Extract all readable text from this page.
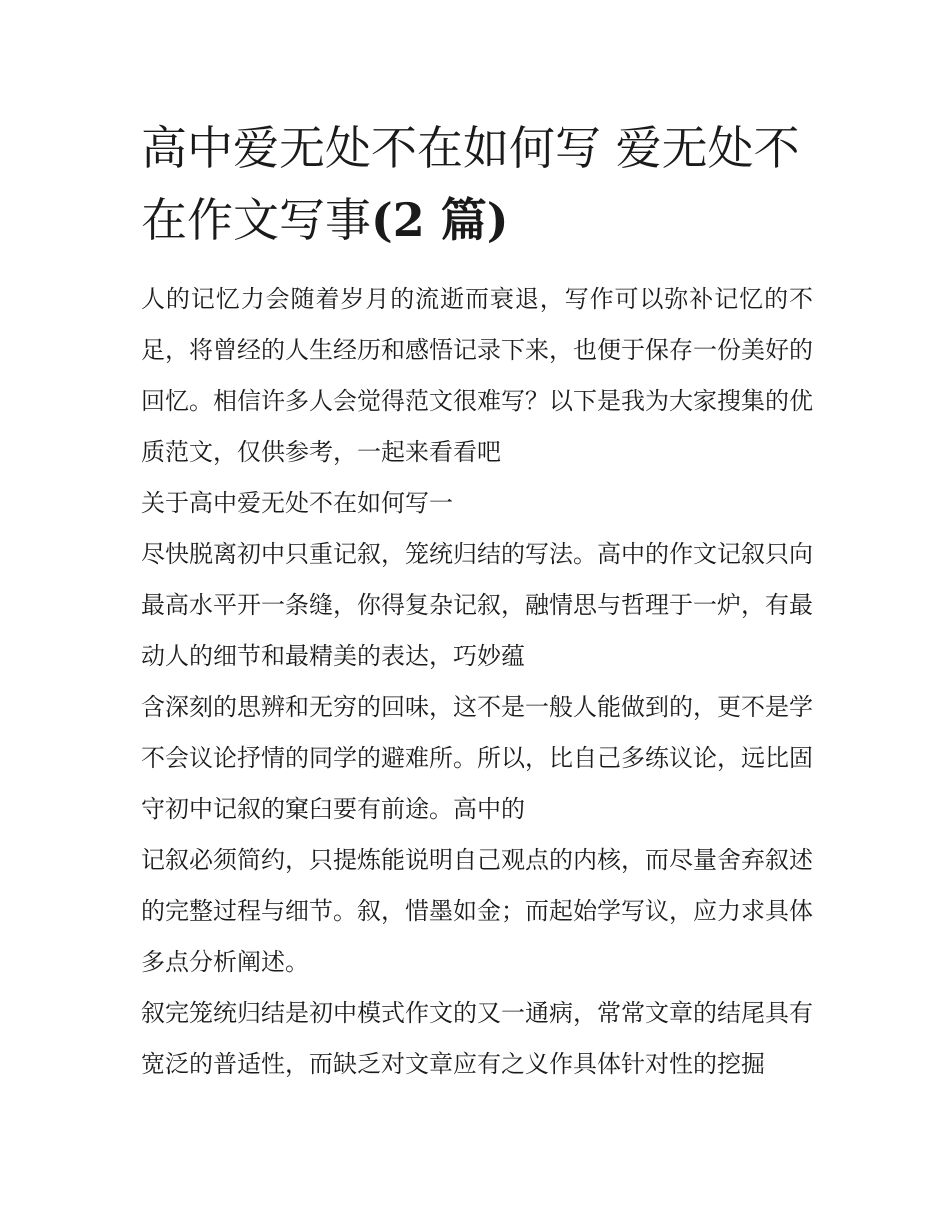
高中爱无处不在如何写 爱无处不在作文写事(2 篇)

人的记忆力会随着岁月的流逝而衰退，写作可以弥补记忆的不足，将曾经的人生经历和感悟记录下来，也便于保存一份美好的回忆。相信许多人会觉得范文很难写？以下是我为大家搜集的优质范文，仅供参考，一起来看看吧

关于高中爱无处不在如何写一

尽快脱离初中只重记叙，笼统归结的写法。高中的作文记叙只向最高水平开一条缝，你得复杂记叙，融情思与哲理于一炉，有最动人的细节和最精美的表达，巧妙蕴

含深刻的思辨和无穷的回味，这不是一般人能做到的，更不是学不会议论抒情的同学的避难所。所以，比自己多练议论，远比固守初中记叙的窠臼要有前途。高中的

记叙必须简约，只提炼能说明自己观点的内核，而尽量舍弃叙述的完整过程与细节。叙，惜墨如金；而起始学写议，应力求具体多点分析阐述。

叙完笼统归结是初中模式作文的又一通病，常常文章的结尾具有宽泛的普适性，而缺乏对文章应有之义作具体针对性的挖掘
